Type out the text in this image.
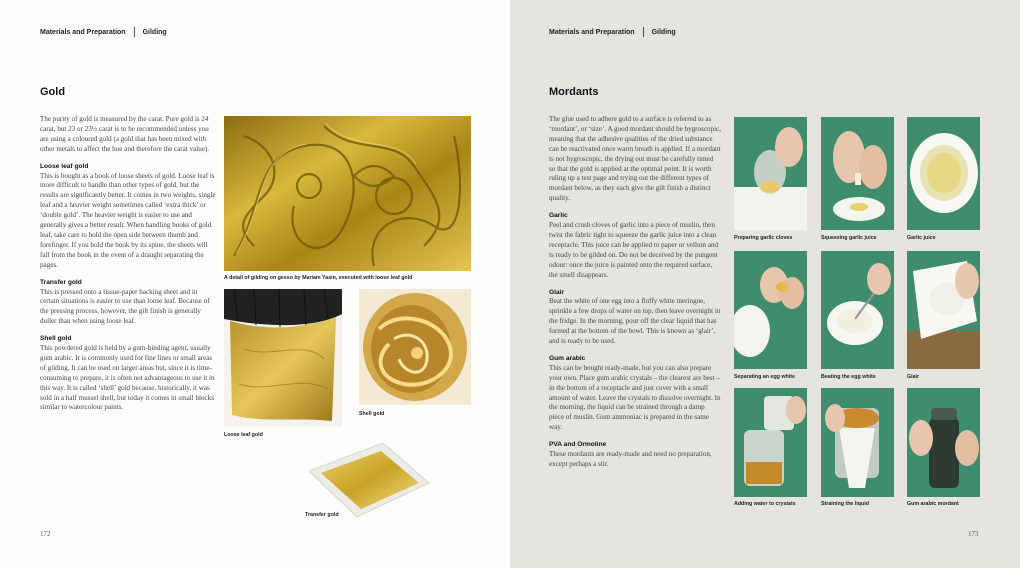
Materials and Preparation Gilding
Gold

The purity of gold is measured by the carat. Pure gold is 24 carat, but 23 or 23½ carat is to be recommended unless you are using a coloured gold (a gold that has been mixed with other metals to affect the hue and therefore the carat value).

Loose leaf gold
This is bought as a book of loose sheets of gold. Loose leaf is more difficult to handle than other types of gold, but the results are significantly better. It comes in two weights, single leaf and a heavier weight sometimes called ‘extra thick’ or ‘double gold’. The heavier weight is easier to use and generally gives a better result. When handling books of gold leaf, take care to hold the open side between thumb and forefinger. If you hold the book by its spine, the sheets will fall from the book in the event of a draught separating the pages.

Transfer gold
This is pressed onto a tissue-paper backing sheet and in certain situations is easier to use than loose leaf. Because of the pressing process, however, the gilt finish is generally duller than when using loose leaf.

Shell gold
This powdered gold is held by a gum-binding agent, usually gum arabic. It is commonly used for fine lines or small areas of gilding. It can be used on larger areas but, since it is time-consuming to prepare, it is often not advantageous to use it in this way. It is called ‘shell’ gold because, historically, it was sold in a half mussel shell, but today it comes in small blocks similar to watercolour paints.

A detail of gilding on gesso by Mariam Yasin, executed with loose leaf gold
Loose leaf gold
Shell gold
Transfer gold
172
Materials and Preparation Gilding
Mordants

The glue used to adhere gold to a surface is referred to as ‘mordant’, or ‘size’. A good mordant should be hygroscopic, meaning that the adhesive qualities of the dried substance can be reactivated once warm breath is applied. If a mordant is not hygroscopic, the drying out must be carefully timed so that the gold is applied at the optimal point. It is worth ruling up a test page and trying out the different types of mordant below, as they each give the gilt finish a distinct quality.

Garlic
Peel and crush cloves of garlic into a piece of muslin, then twist the fabric tight to squeeze the garlic juice into a clean receptacle. This juice can be applied to paper or vellum and is ready to be gilded on. Do not be deceived by the pungent odour: once the juice is painted onto the required surface, the smell disappears.

Glair
Beat the white of one egg into a fluffy white meringue, sprinkle a few drops of water on top, then leave overnight in the fridge. In the morning, pour off the clear liquid that has formed at the bottom of the bowl. This is known as ‘glair’, and is ready to be used.

Gum arabic
This can be bought ready-made, but you can also prepare your own. Place gum arabic crystals – the clearest are best – in the bottom of a receptacle and just cover with a small amount of water. Leave the crystals to dissolve overnight. In the morning, the liquid can be strained through a damp piece of muslin. Gum ammoniac is prepared in the same way.

PVA and Ormoline
These mordants are ready-made and need no preparation, except perhaps a stir.

Preparing garlic cloves	Squeezing garlic juice	Garlic juice
Separating an egg white	Beating the egg white	Glair
Adding water to crystals	Straining the liquid	Gum arabic mordant
173
